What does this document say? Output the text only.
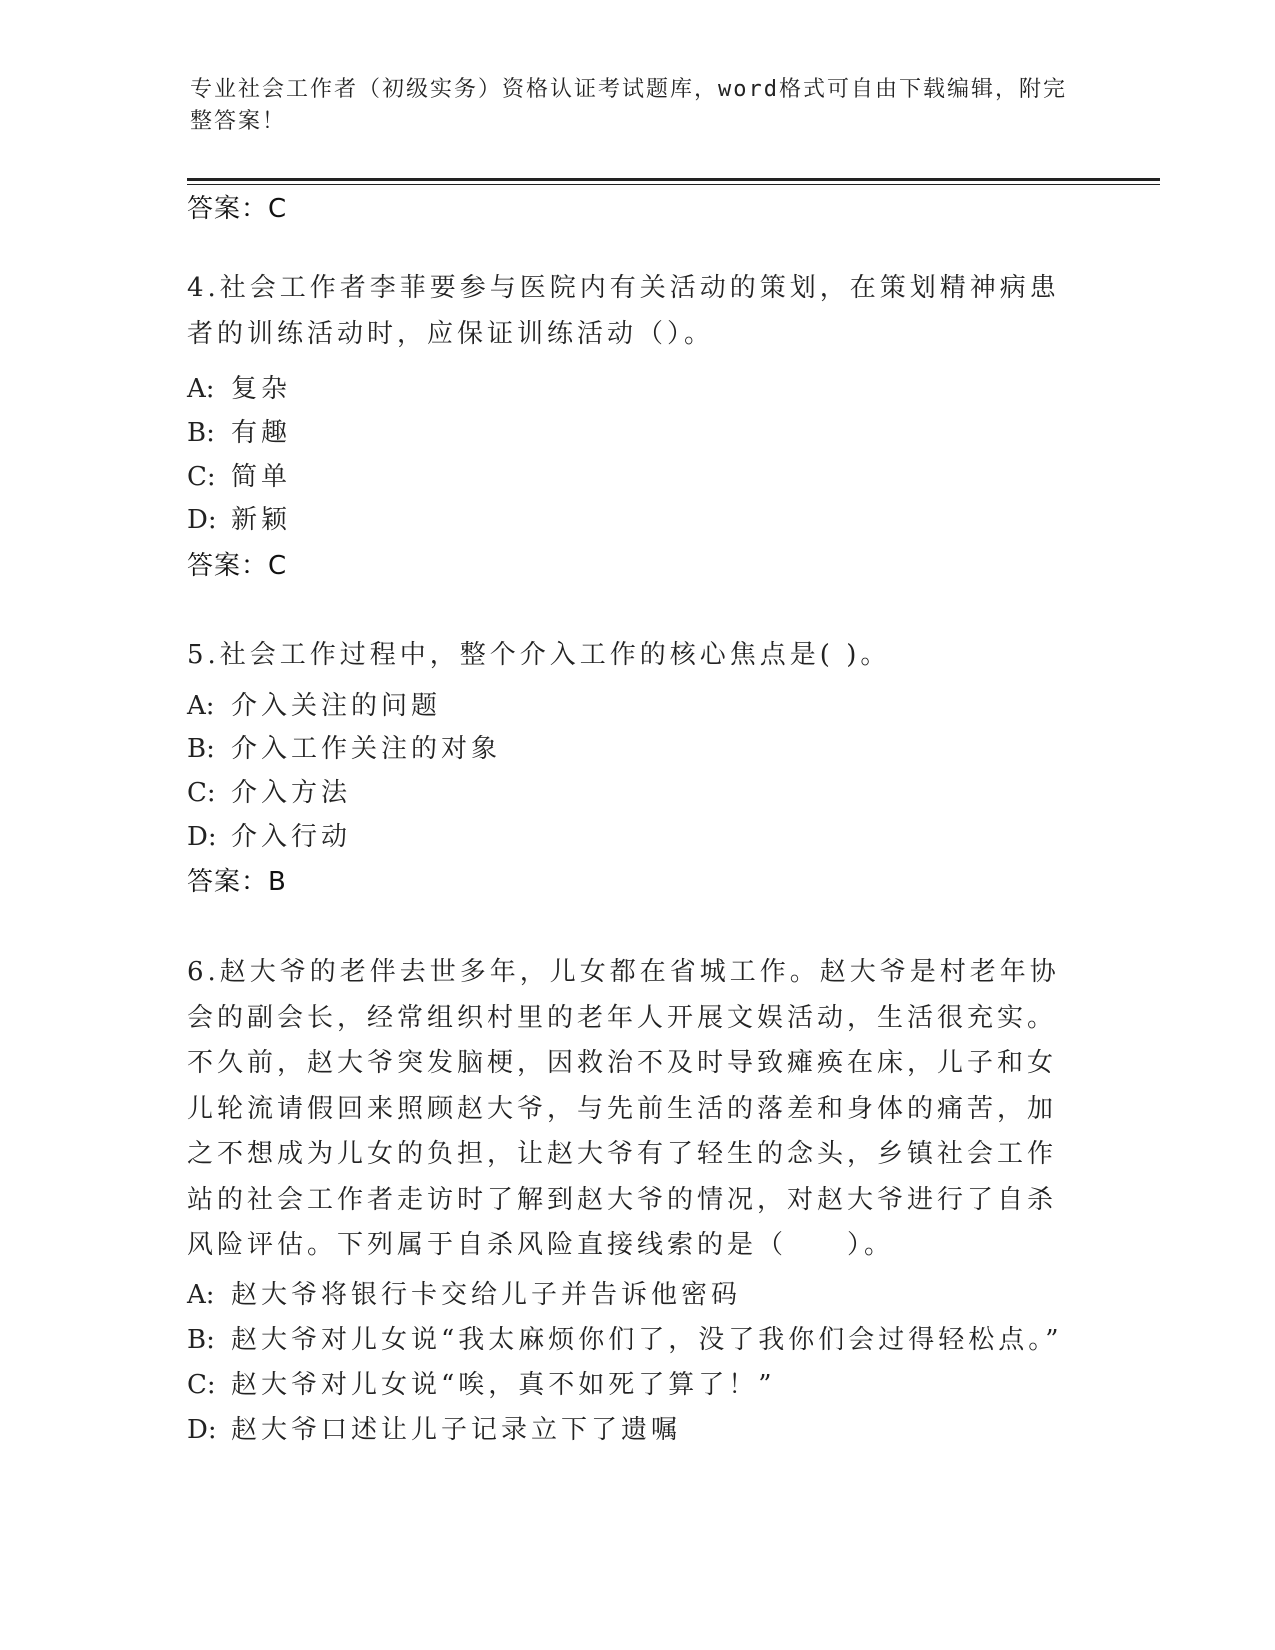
专业社会工作者（初级实务）资格认证考试题库，word格式可自由下载编辑，附完整答案！
答案：C
4.社会工作者李菲要参与医院内有关活动的策划，在策划精神病患者的训练活动时，应保证训练活动（）。
A: 复杂
B: 有趣
C: 简单
D: 新颖
答案：C
5.社会工作过程中，整个介入工作的核心焦点是( )。
A: 介入关注的问题
B: 介入工作关注的对象
C: 介入方法
D: 介入行动
答案：B
6.赵大爷的老伴去世多年，儿女都在省城工作。赵大爷是村老年协会的副会长，经常组织村里的老年人开展文娱活动，生活很充实。不久前，赵大爷突发脑梗，因救治不及时导致瘫痪在床，儿子和女儿轮流请假回来照顾赵大爷，与先前生活的落差和身体的痛苦，加之不想成为儿女的负担，让赵大爷有了轻生的念头，乡镇社会工作站的社会工作者走访时了解到赵大爷的情况，对赵大爷进行了自杀风险评估。下列属于自杀风险直接线索的是（　　）。
A: 赵大爷将银行卡交给儿子并告诉他密码
B: 赵大爷对儿女说“我太麻烦你们了，没了我你们会过得轻松点。”
C: 赵大爷对儿女说“唉，真不如死了算了！”
D: 赵大爷口述让儿子记录立下了遗嘱
